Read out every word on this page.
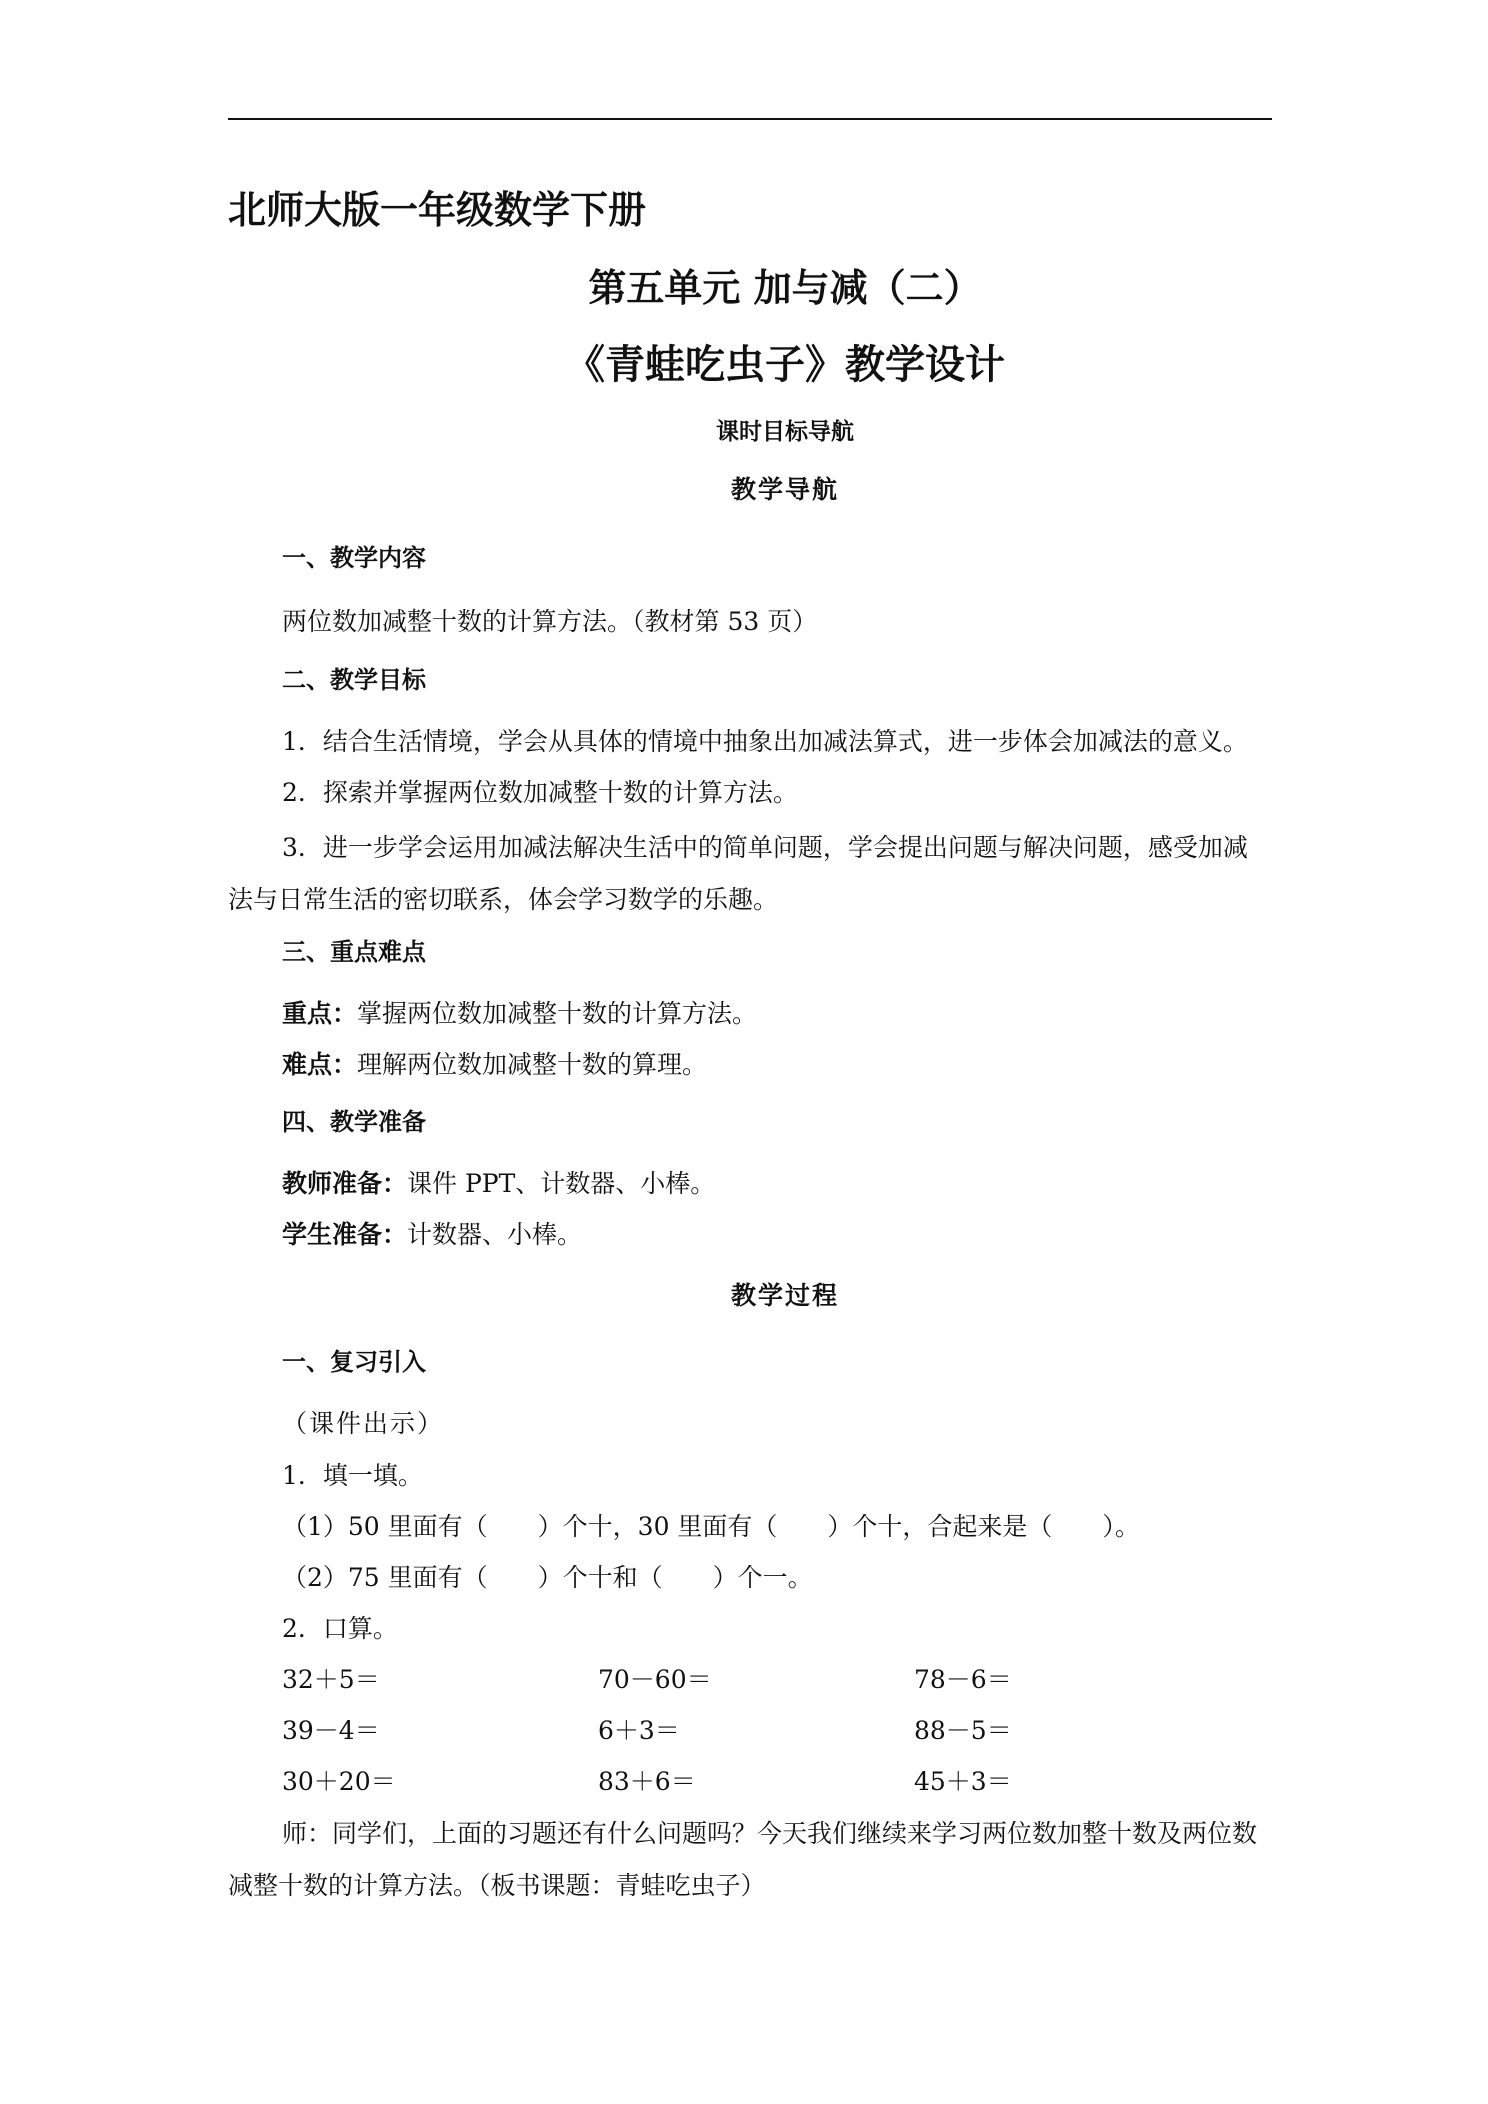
北师大版一年级数学下册
第五单元 加与减（二）
《青蛙吃虫子》教学设计
课时目标导航
教学导航
一、教学内容
两位数加减整十数的计算方法。（教材第 53 页）
二、教学目标
1．结合生活情境，学会从具体的情境中抽象出加减法算式，进一步体会加减法的意义。
2．探索并掌握两位数加减整十数的计算方法。
3．进一步学会运用加减法解决生活中的简单问题，学会提出问题与解决问题，感受加减法与日常生活的密切联系，体会学习数学的乐趣。
三、重点难点
重点：掌握两位数加减整十数的计算方法。
难点：理解两位数加减整十数的算理。
四、教学准备
教师准备：课件 PPT、计数器、小棒。
学生准备：计数器、小棒。
教学过程
一、复习引入
（课件出示）
1．填一填。
（1）50 里面有（　　）个十，30 里面有（　　）个十，合起来是（　　）。
（2）75 里面有（　　）个十和（　　）个一。
2．口算。
32＋5＝	70－60＝	78－6＝
39－4＝	6＋3＝	88－5＝
30＋20＝	83＋6＝	45＋3＝
师：同学们，上面的习题还有什么问题吗？今天我们继续来学习两位数加整十数及两位数减整十数的计算方法。（板书课题：青蛙吃虫子）
